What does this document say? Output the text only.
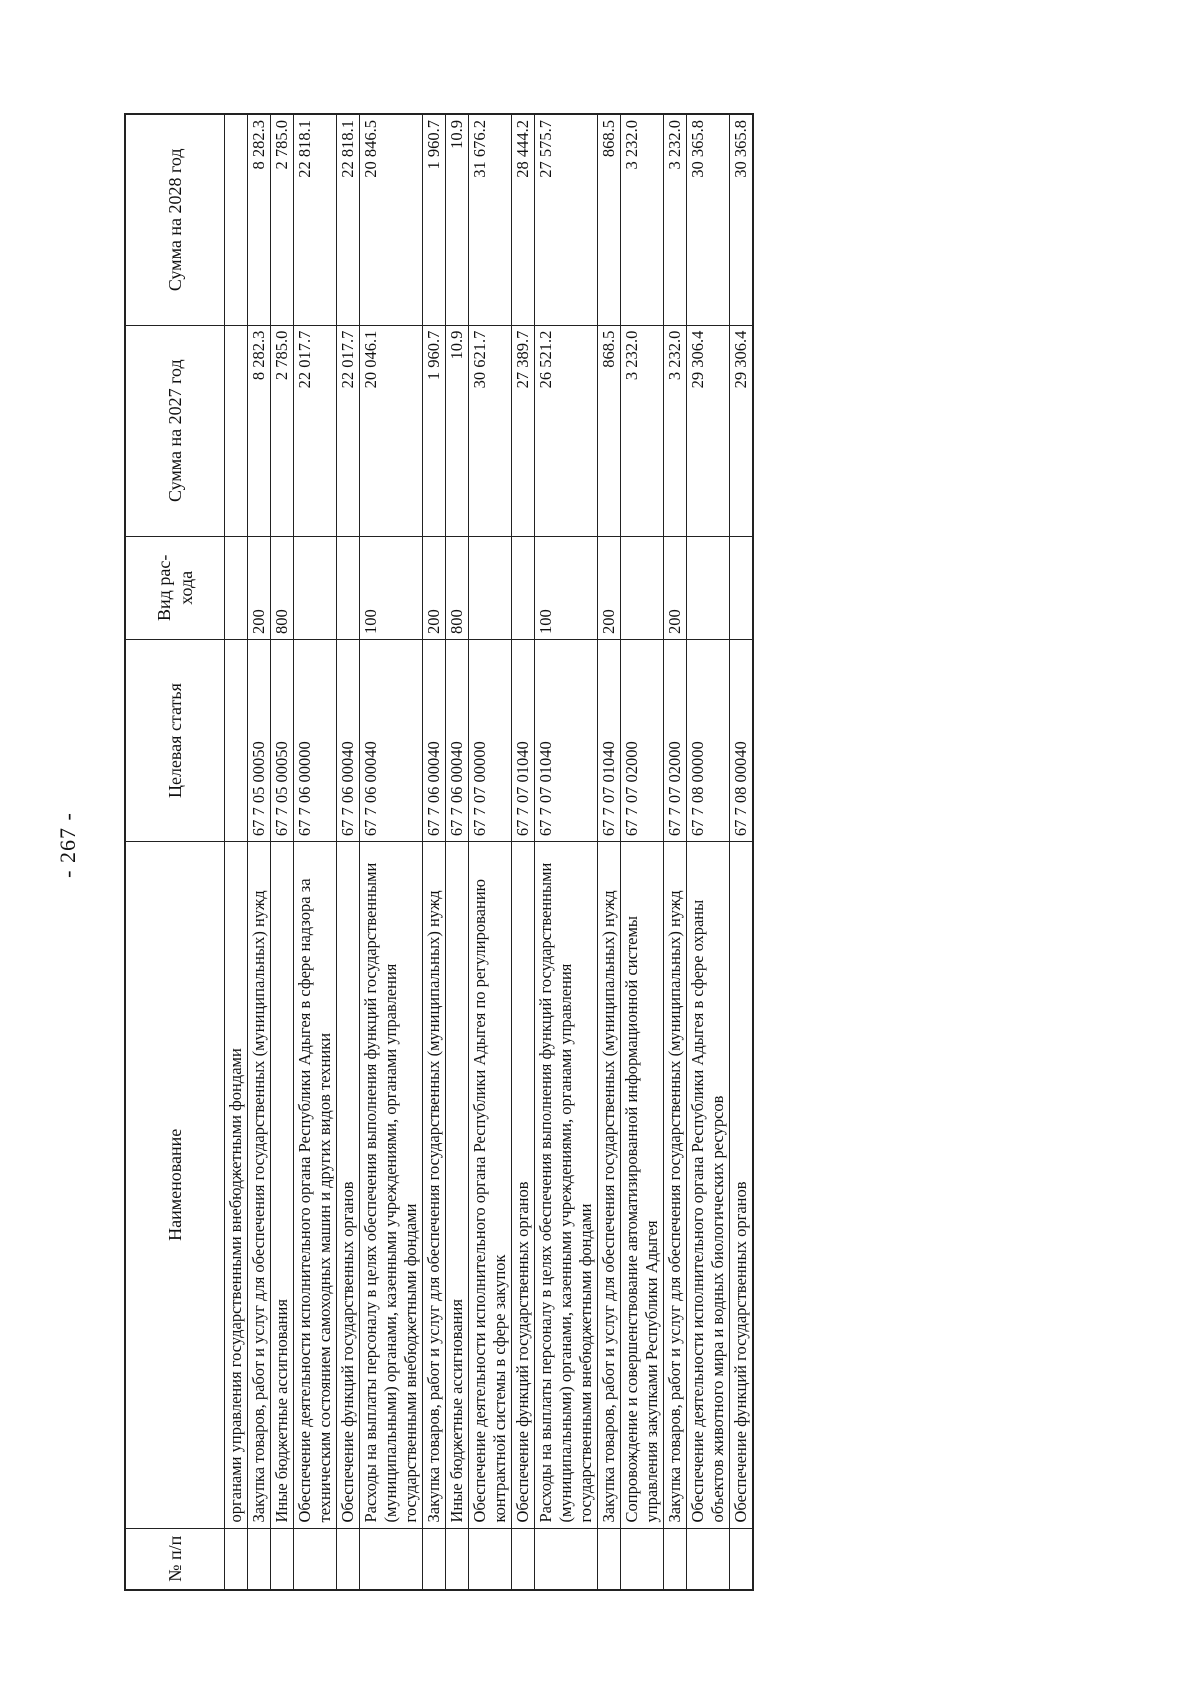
- 267 -
№ п/п	Наименование	Целевая статья	Вид рас-хода	Сумма на 2027 год	Сумма на 2028 год
	органами управления государственными внебюджетными фондами				
	Закупка товаров, работ и услуг для обеспечения государственных (муниципальных) нужд	67 7 05 00050	200	8 282.3	8 282.3
	Иные бюджетные ассигнования	67 7 05 00050	800	2 785.0	2 785.0
	Обеспечение деятельности исполнительного органа Республики Адыгея в сфере надзора за техническим состоянием самоходных машин и других видов техники	67 7 06 00000		22 017.7	22 818.1
	Обеспечение функций государственных органов	67 7 06 00040		22 017.7	22 818.1
	Расходы на выплаты персоналу в целях обеспечения выполнения функций государственными (муниципальными) органами, казенными учреждениями, органами управления государственными внебюджетными фондами	67 7 06 00040	100	20 046.1	20 846.5
	Закупка товаров, работ и услуг для обеспечения государственных (муниципальных) нужд	67 7 06 00040	200	1 960.7	1 960.7
	Иные бюджетные ассигнования	67 7 06 00040	800	10.9	10.9
	Обеспечение деятельности исполнительного органа Республики Адыгея по регулированию контрактной системы в сфере закупок	67 7 07 00000		30 621.7	31 676.2
	Обеспечение функций государственных органов	67 7 07 01040		27 389.7	28 444.2
	Расходы на выплаты персоналу в целях обеспечения выполнения функций государственными (муниципальными) органами, казенными учреждениями, органами управления государственными внебюджетными фондами	67 7 07 01040	100	26 521.2	27 575.7
	Закупка товаров, работ и услуг для обеспечения государственных (муниципальных) нужд	67 7 07 01040	200	868.5	868.5
	Сопровождение и совершенствование автоматизированной информационной системы управления закупками Республики Адыгея	67 7 07 02000		3 232.0	3 232.0
	Закупка товаров, работ и услуг для обеспечения государственных (муниципальных) нужд	67 7 07 02000	200	3 232.0	3 232.0
	Обеспечение деятельности исполнительного органа Республики Адыгея в сфере охраны объектов животного мира и водных биологических ресурсов	67 7 08 00000		29 306.4	30 365.8
	Обеспечение функций государственных органов	67 7 08 00040		29 306.4	30 365.8
